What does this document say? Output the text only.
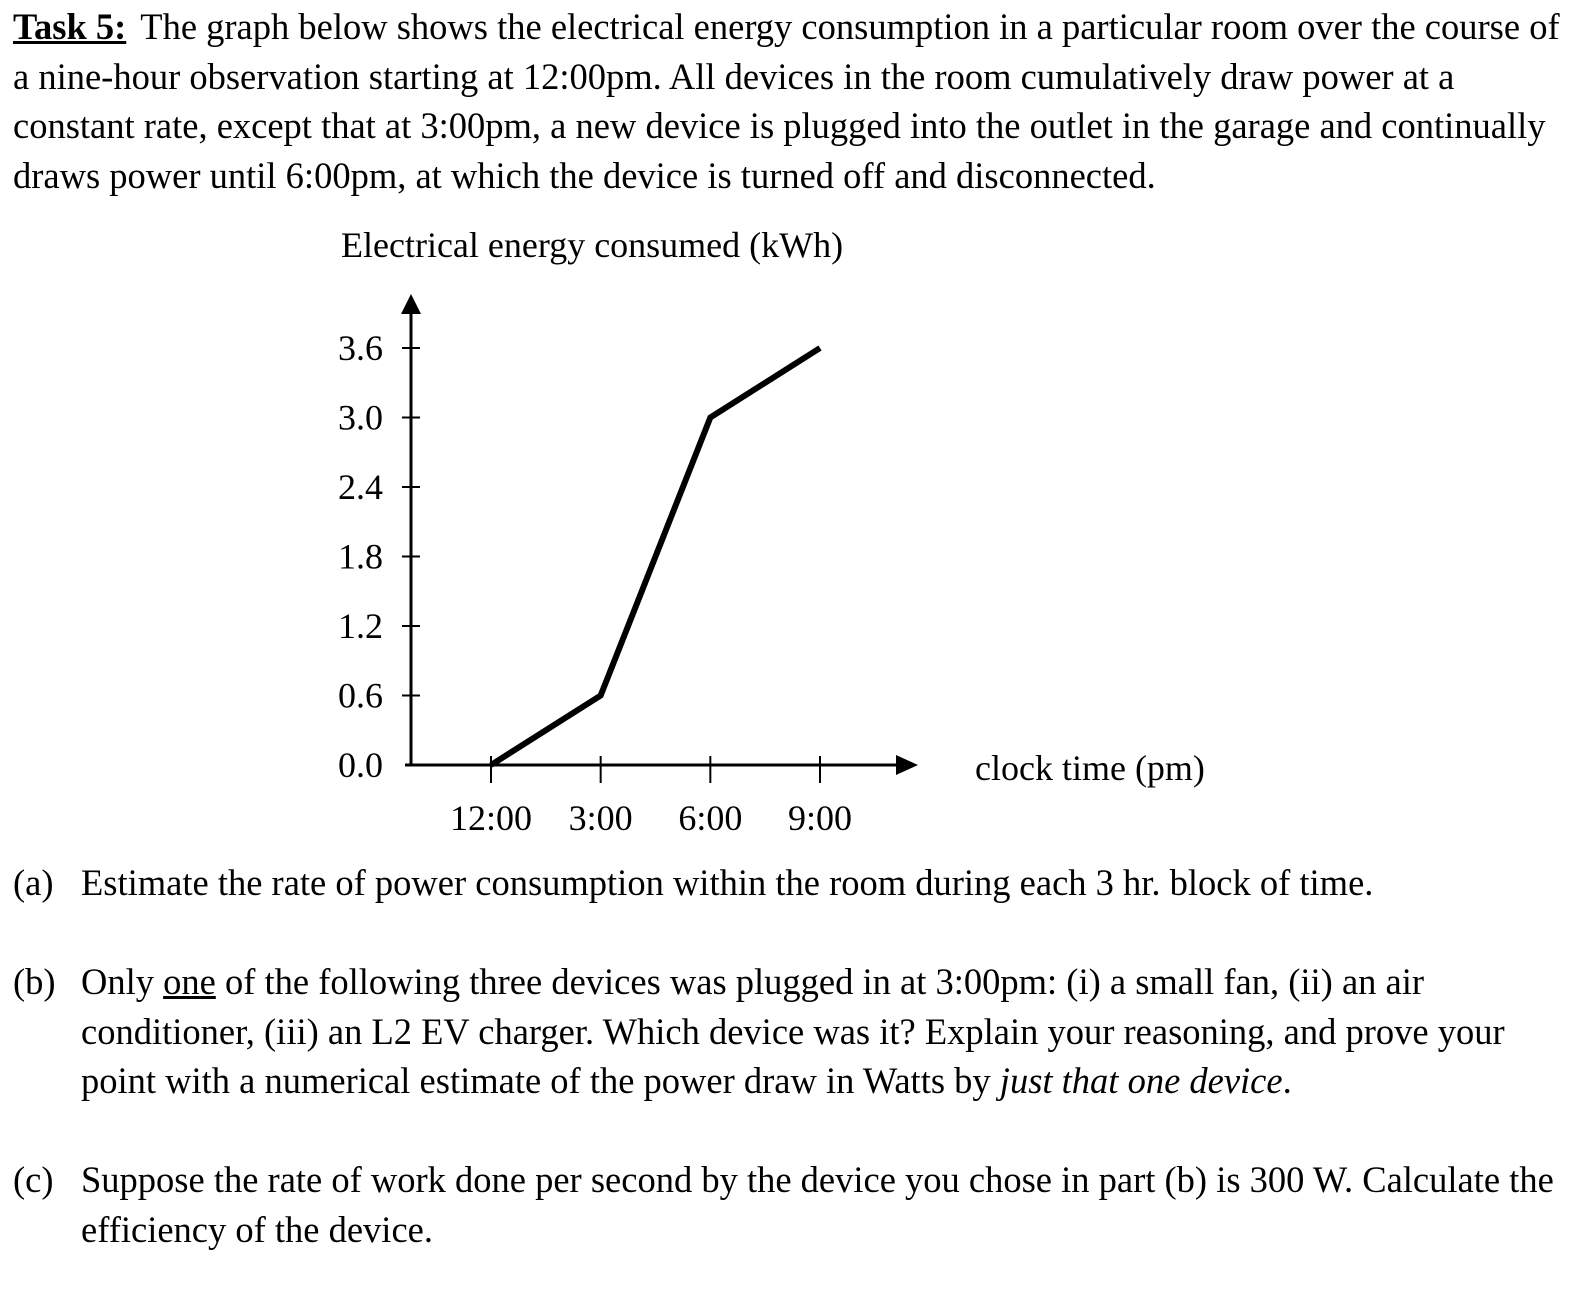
Task 5: The graph below shows the electrical energy consumption in a particular room over the course of a nine-hour observation starting at 12:00pm. All devices in the room cumulatively draw power at a constant rate, except that at 3:00pm, a new device is plugged into the outlet in the garage and continually draws power until 6:00pm, at which the device is turned off and disconnected.
Electrical energy consumed (kWh)
clock time (pm)
0.0
0.6
1.2
1.8
2.4
3.0
3.6
12:00 3:00 6:00 9:00
(a) Estimate the rate of power consumption within the room during each 3 hr. block of time.
(b) Only one of the following three devices was plugged in at 3:00pm: (i) a small fan, (ii) an air conditioner, (iii) an L2 EV charger. Which device was it? Explain your reasoning, and prove your point with a numerical estimate of the power draw in Watts by just that one device.
(c) Suppose the rate of work done per second by the device you chose in part (b) is 300 W. Calculate the efficiency of the device.
